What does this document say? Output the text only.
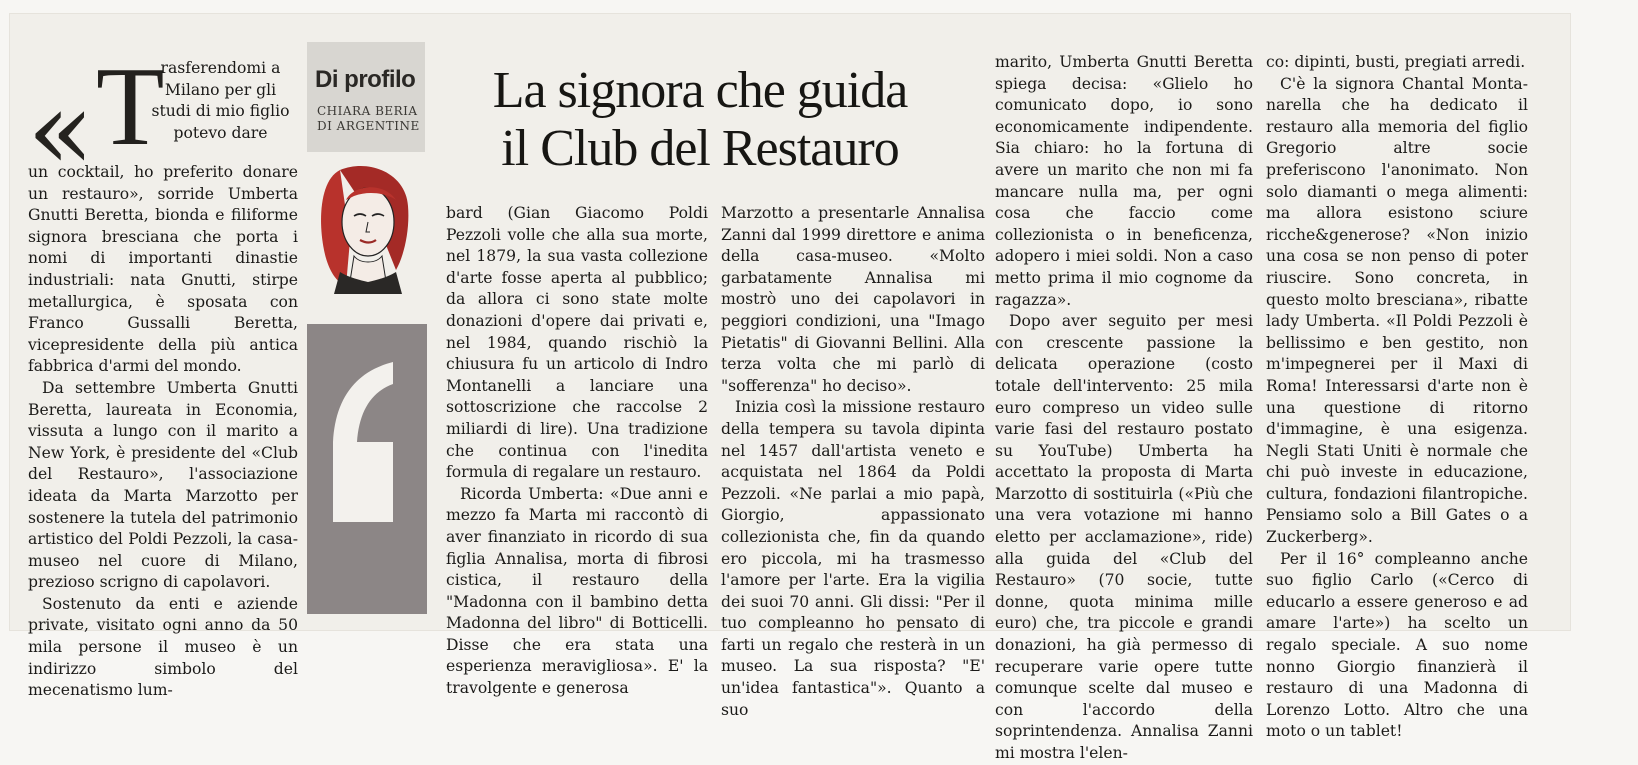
« T

rasferendomi a Milano per gli studi di mio figlio potevo dare

un cocktail, ho preferito donare un restauro», sorride Umberta Gnutti Beretta, bionda e filiforme signora bresciana che porta i nomi di importanti dinastie industriali: nata Gnutti, stirpe metallurgica, è sposata con Franco Gussalli Beretta, vicepresidente della più antica fabbrica d'armi del mondo.

Da settembre Umberta Gnutti Beretta, laureata in Economia, vissuta a lungo con il marito a New York, è presidente del «Club del Restauro», l'associazione ideata da Marta Marzotto per sostenere la tutela del patrimonio artistico del Poldi Pezzoli, la casa-museo nel cuore di Milano, prezioso scrigno di capolavori.

Sostenuto da enti e aziende private, visitato ogni anno da 50 mila persone il museo è un indirizzo simbolo del mecenatismo lum-

Di profilo
CHIARA BERIA DI ARGENTINE
La signora che guida
il Club del Restauro

bard (Gian Giacomo Poldi Pezzoli volle che alla sua morte, nel 1879, la sua vasta collezione d'arte fosse aperta al pubblico; da allora ci sono state molte donazioni d'opere dai privati e, nel 1984, quando rischiò la chiusura fu un articolo di Indro Montanelli a lanciare una sottoscrizione che raccolse 2 miliardi di lire). Una tradizione che continua con l'inedita formula di regalare un restauro.

Ricorda Umberta: «Due anni e mezzo fa Marta mi raccontò di aver finanziato in ricordo di sua figlia Annalisa, morta di fibrosi cistica, il restauro della "Madonna con il bambino detta Madonna del libro" di Botticelli. Disse che era stata una esperienza meravigliosa». E' la travolgente e generosa

Marzotto a presentarle Annalisa Zanni dal 1999 direttore e anima della casa-museo. «Molto garbatamente Annalisa mi mostrò uno dei capolavori in peggiori condizioni, una "Imago Pietatis" di Giovanni Bellini. Alla terza volta che mi parlò di "sofferenza" ho deciso».

Inizia così la missione restauro della tempera su tavola dipinta nel 1457 dall'artista veneto e acquistata nel 1864 da Poldi Pezzoli. «Ne parlai a mio papà, Giorgio, appassionato collezionista che, fin da quando ero piccola, mi ha trasmesso l'amore per l'arte. Era la vigilia dei suoi 70 anni. Gli dissi: "Per il tuo compleanno ho pensato di farti un regalo che resterà in un museo. La sua risposta? "E' un'idea fantastica"». Quanto a suo

marito, Umberta Gnutti Beretta spiega decisa: «Glielo ho comunicato dopo, io sono economicamente indipendente. Sia chiaro: ho la fortuna di avere un marito che non mi fa mancare nulla ma, per ogni cosa che faccio come collezionista o in beneficenza, adopero i miei soldi. Non a caso metto prima il mio cognome da ragazza».

Dopo aver seguito per mesi con crescente passione la delicata operazione (costo totale dell'intervento: 25 mila euro compreso un video sulle varie fasi del restauro postato su YouTube) Umberta ha accettato la proposta di Marta Marzotto di sostituirla («Più che una vera votazione mi hanno eletto per acclamazione», ride) alla guida del «Club del Restauro» (70 socie, tutte donne, quota minima mille euro) che, tra piccole e grandi donazioni, ha già permesso di recuperare varie opere tutte comunque scelte dal museo e con l'accordo della soprintendenza. Annalisa Zanni mi mostra l'elen-

co: dipinti, busti, pregiati arredi.

C'è la signora Chantal Monta-narella che ha dedicato il restauro alla memoria del figlio Gregorio altre socie preferiscono l'anonimato. Non solo diamanti o mega alimenti: ma allora esistono sciure ricche&generose? «Non inizio una cosa se non penso di poter riuscire. Sono concreta, in questo molto bresciana», ribatte lady Umberta. «Il Poldi Pezzoli è bellissimo e ben gestito, non m'impegnerei per il Maxi di Roma! Interessarsi d'arte non è una questione di ritorno d'immagine, è una esigenza. Negli Stati Uniti è normale che chi può investe in educazione, cultura, fondazioni filantropiche. Pensiamo solo a Bill Gates o a Zuckerberg».

Per il 16° compleanno anche suo figlio Carlo («Cerco di educarlo a essere generoso e ad amare l'arte») ha scelto un regalo speciale. A suo nome nonno Giorgio finanzierà il restauro di una Madonna di Lorenzo Lotto. Altro che una moto o un tablet!
